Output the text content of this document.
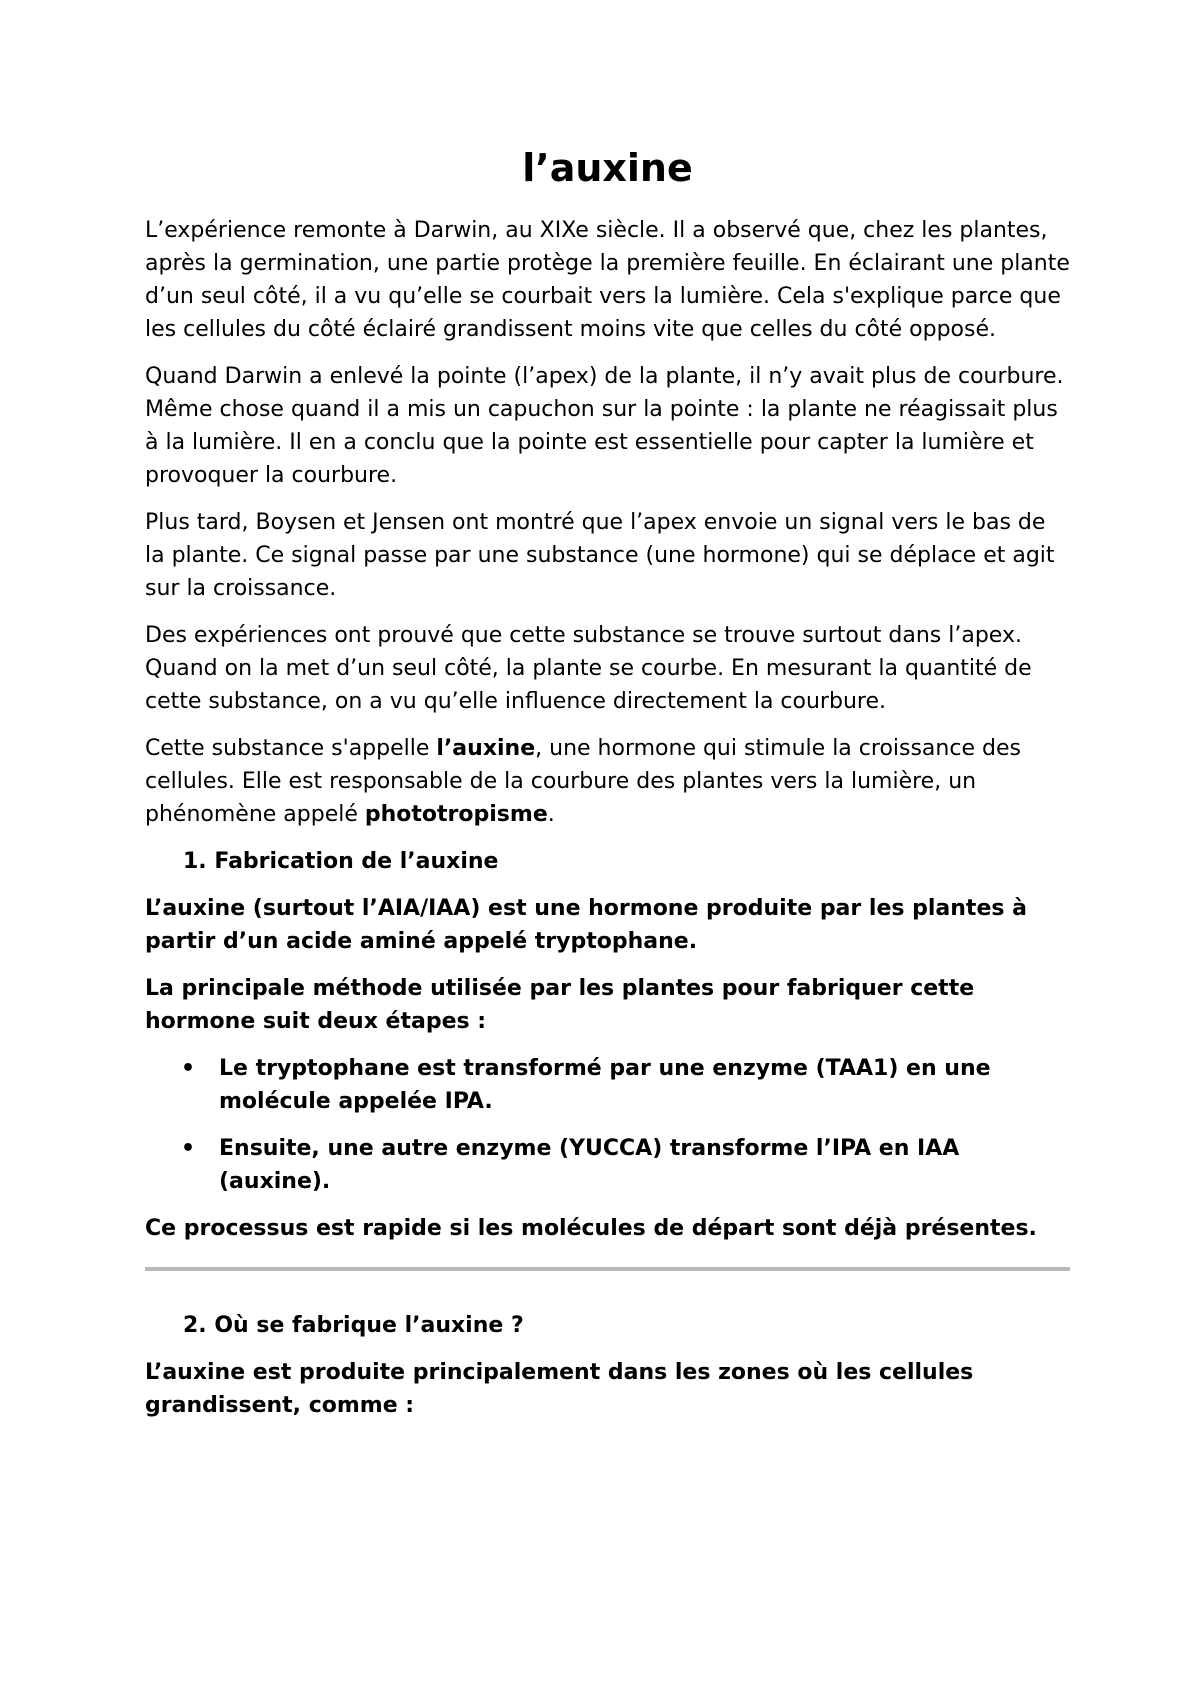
l’auxine

L’expérience remonte à Darwin, au XIXe siècle. Il a observé que, chez les plantes, après la germination, une partie protège la première feuille. En éclairant une plante d’un seul côté, il a vu qu’elle se courbait vers la lumière. Cela s'explique parce que les cellules du côté éclairé grandissent moins vite que celles du côté opposé.

Quand Darwin a enlevé la pointe (l’apex) de la plante, il n’y avait plus de courbure. Même chose quand il a mis un capuchon sur la pointe : la plante ne réagissait plus à la lumière. Il en a conclu que la pointe est essentielle pour capter la lumière et provoquer la courbure.

Plus tard, Boysen et Jensen ont montré que l’apex envoie un signal vers le bas de la plante. Ce signal passe par une substance (une hormone) qui se déplace et agit sur la croissance.

Des expériences ont prouvé que cette substance se trouve surtout dans l’apex. Quand on la met d’un seul côté, la plante se courbe. En mesurant la quantité de cette substance, on a vu qu’elle influence directement la courbure.

Cette substance s'appelle l’auxine, une hormone qui stimule la croissance des cellules. Elle est responsable de la courbure des plantes vers la lumière, un phénomène appelé phototropisme.

1. Fabrication de l’auxine

L’auxine (surtout l’AIA/IAA) est une hormone produite par les plantes à partir d’un acide aminé appelé tryptophane.

La principale méthode utilisée par les plantes pour fabriquer cette hormone suit deux étapes :

• Le tryptophane est transformé par une enzyme (TAA1) en une molécule appelée IPA.
• Ensuite, une autre enzyme (YUCCA) transforme l’IPA en IAA (auxine).

Ce processus est rapide si les molécules de départ sont déjà présentes.

2. Où se fabrique l’auxine ?

L’auxine est produite principalement dans les zones où les cellules grandissent, comme :
